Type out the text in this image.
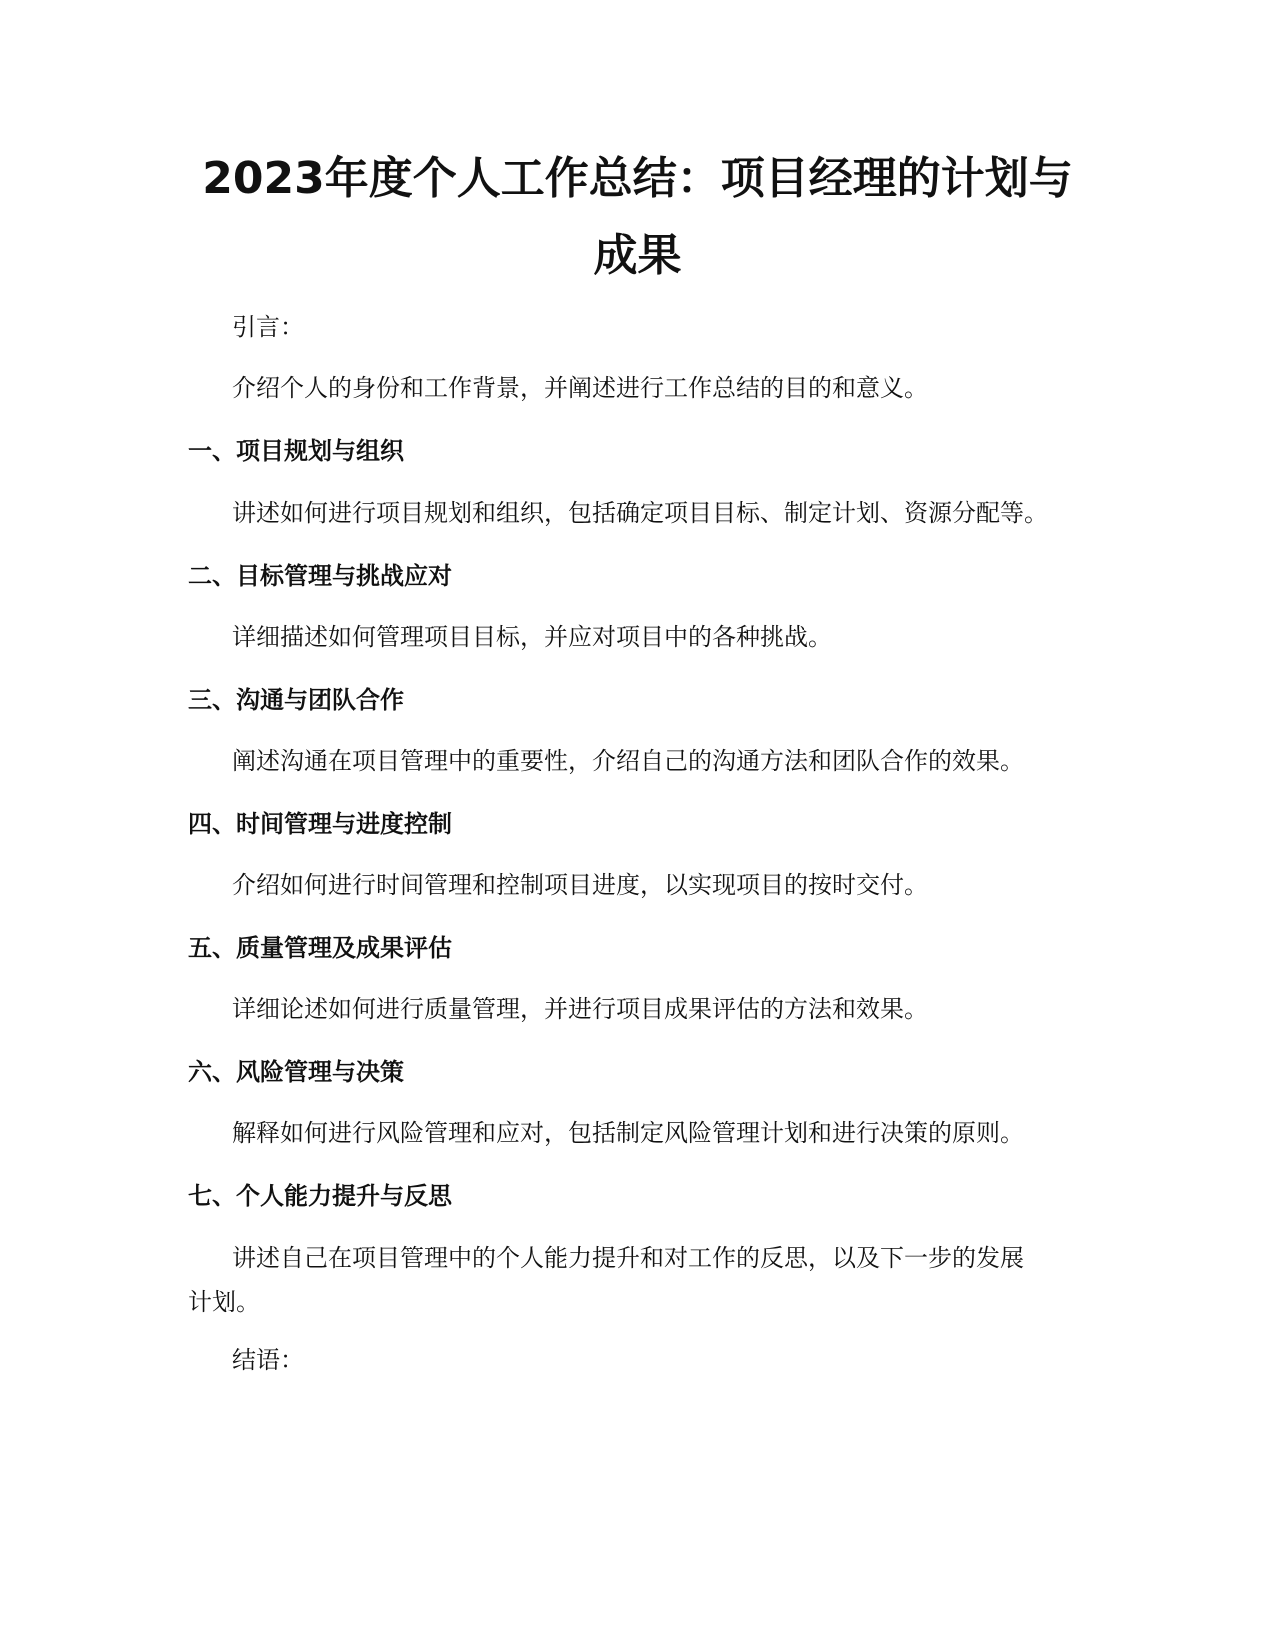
2023年度个人工作总结：项目经理的计划与
成果

引言：

介绍个人的身份和工作背景，并阐述进行工作总结的目的和意义。

一、项目规划与组织

讲述如何进行项目规划和组织，包括确定项目目标、制定计划、资源分配等。

二、目标管理与挑战应对

详细描述如何管理项目目标，并应对项目中的各种挑战。

三、沟通与团队合作

阐述沟通在项目管理中的重要性，介绍自己的沟通方法和团队合作的效果。

四、时间管理与进度控制

介绍如何进行时间管理和控制项目进度，以实现项目的按时交付。

五、质量管理及成果评估

详细论述如何进行质量管理，并进行项目成果评估的方法和效果。

六、风险管理与决策

解释如何进行风险管理和应对，包括制定风险管理计划和进行决策的原则。

七、个人能力提升与反思

讲述自己在项目管理中的个人能力提升和对工作的反思，以及下一步的发展计划。

结语：
